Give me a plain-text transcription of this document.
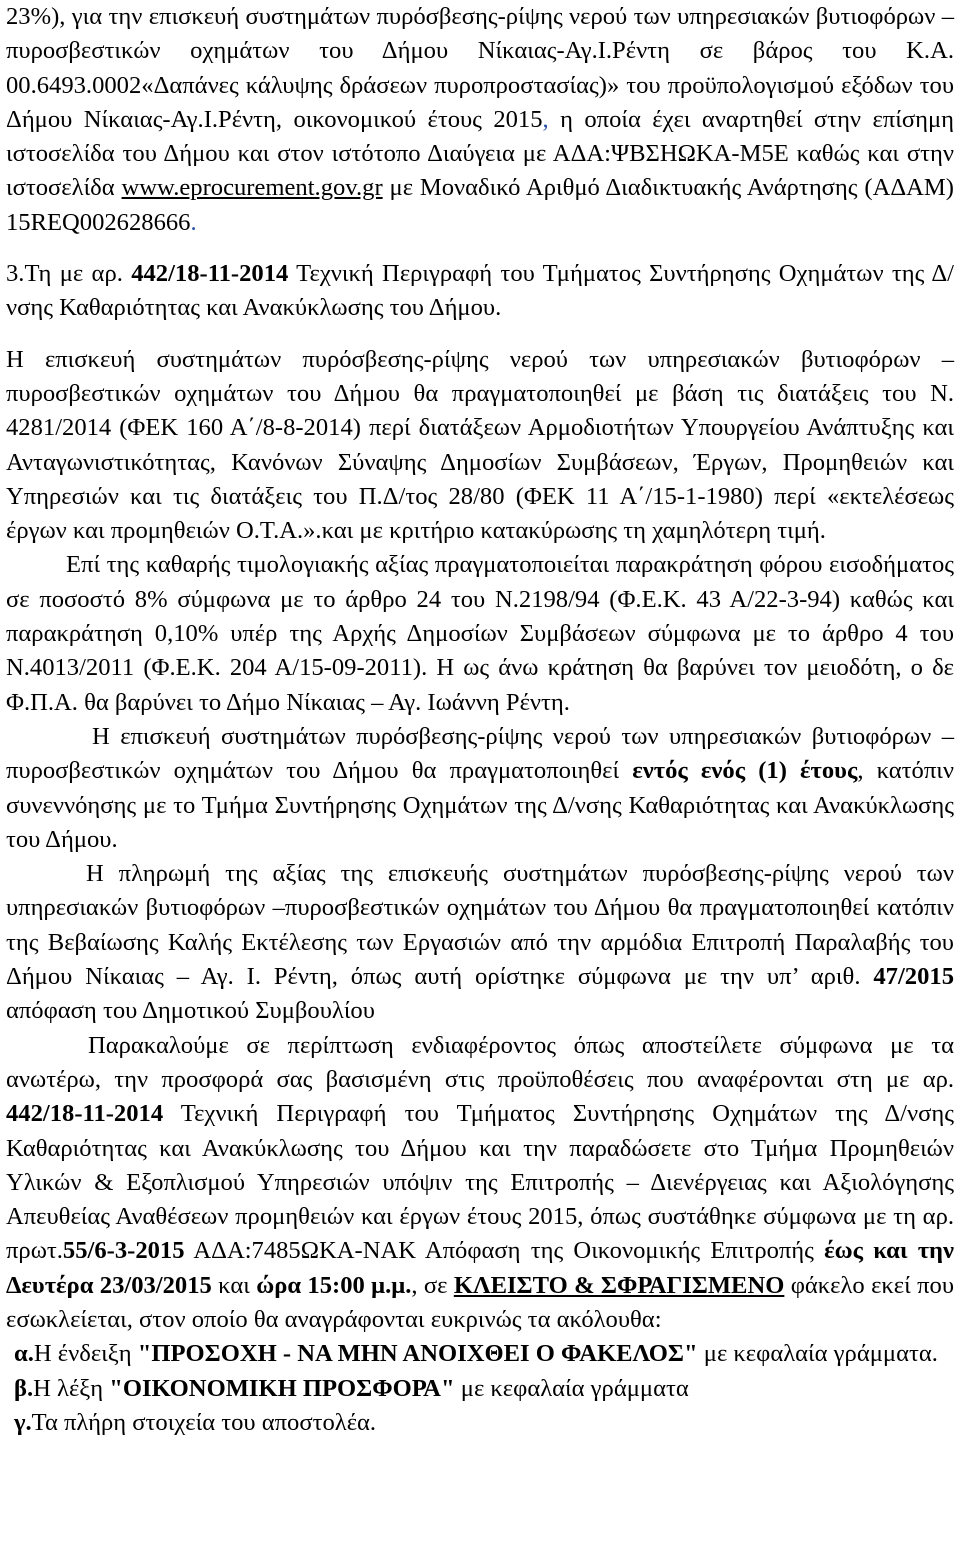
23%), για την επισκευή συστημάτων πυρόσβεσης-ρίψης νερού των υπηρεσιακών βυτιοφόρων –πυροσβεστικών οχημάτων του Δήμου Νίκαιας-Αγ.Ι.Ρέντη σε βάρος του Κ.Α. 00.6493.0002«Δαπάνες κάλυψης δράσεων πυροπροστασίας)» του προϋπολογισμού εξόδων του Δήμου Νίκαιας-Αγ.Ι.Ρέντη, οικονομικού έτους 2015, η οποία έχει αναρτηθεί στην επίσημη ιστοσελίδα του Δήμου και στον ιστότοπο Διαύγεια με ΑΔΑ:ΨΒΣΗΩΚΑ-Μ5Ε καθώς και στην ιστοσελίδα www.eprocurement.gov.gr με Μοναδικό Αριθμό Διαδικτυακής Ανάρτησης (ΑΔΑΜ) 15REQ002628666.

3.Τη με αρ. 442/18-11-2014 Τεχνική Περιγραφή του Τμήματος Συντήρησης Οχημάτων της Δ/νσης Καθαριότητας και Ανακύκλωσης του Δήμου.

Η επισκευή συστημάτων πυρόσβεσης-ρίψης νερού των υπηρεσιακών βυτιοφόρων – πυροσβεστικών οχημάτων του Δήμου θα πραγματοποιηθεί με βάση τις διατάξεις του Ν. 4281/2014 (ΦΕΚ 160 Α΄/8-8-2014) περί διατάξεων Αρμοδιοτήτων Υπουργείου Ανάπτυξης και Ανταγωνιστικότητας, Κανόνων Σύναψης Δημοσίων Συμβάσεων, Έργων, Προμηθειών και Υπηρεσιών και τις διατάξεις του Π.Δ/τος 28/80 (ΦΕΚ 11 Α΄/15-1-1980) περί «εκτελέσεως έργων και προμηθειών Ο.Τ.Α.».και με κριτήριο κατακύρωσης τη χαμηλότερη τιμή.

Επί της καθαρής τιμολογιακής αξίας πραγματοποιείται παρακράτηση φόρου εισοδήματος σε ποσοστό 8% σύμφωνα με το άρθρο 24 του Ν.2198/94 (Φ.Ε.Κ. 43 Α/22-3-94) καθώς και παρακράτηση 0,10% υπέρ της Αρχής Δημοσίων Συμβάσεων σύμφωνα με το άρθρο 4 του Ν.4013/2011 (Φ.Ε.Κ. 204 Α/15-09-2011). Η ως άνω κράτηση θα βαρύνει τον μειοδότη, ο δε Φ.Π.Α. θα βαρύνει το Δήμο Νίκαιας – Αγ. Ιωάννη Ρέντη.

Η επισκευή συστημάτων πυρόσβεσης-ρίψης νερού των υπηρεσιακών βυτιοφόρων –πυροσβεστικών οχημάτων του Δήμου θα πραγματοποιηθεί εντός ενός (1) έτους, κατόπιν συνεννόησης με το Τμήμα Συντήρησης Οχημάτων της Δ/νσης Καθαριότητας και Ανακύκλωσης του Δήμου.

Η πληρωμή της αξίας της επισκευής συστημάτων πυρόσβεσης-ρίψης νερού των υπηρεσιακών βυτιοφόρων –πυροσβεστικών οχημάτων του Δήμου θα πραγματοποιηθεί κατόπιν της Βεβαίωσης Καλής Εκτέλεσης των Εργασιών από την αρμόδια Επιτροπή Παραλαβής του Δήμου Νίκαιας – Αγ. Ι. Ρέντη, όπως αυτή ορίστηκε σύμφωνα με την υπ’ αριθ. 47/2015 απόφαση του Δημοτικού Συμβουλίου

Παρακαλούμε σε περίπτωση ενδιαφέροντος όπως αποστείλετε σύμφωνα με τα ανωτέρω, την προσφορά σας βασισμένη στις προϋποθέσεις που αναφέρονται στη με αρ. 442/18-11-2014 Τεχνική Περιγραφή του Τμήματος Συντήρησης Οχημάτων της Δ/νσης Καθαριότητας και Ανακύκλωσης του Δήμου και την παραδώσετε στο Τμήμα Προμηθειών Υλικών & Εξοπλισμού Υπηρεσιών υπόψιν της Επιτροπής – Διενέργειας και Αξιολόγησης Απευθείας Αναθέσεων προμηθειών και έργων έτους 2015, όπως συστάθηκε σύμφωνα με τη αρ. πρωτ.55/6-3-2015 ΑΔΑ:7485ΩΚΑ-ΝΑΚ Απόφαση της Οικονομικής Επιτροπής έως και την Δευτέρα 23/03/2015 και ώρα 15:00 μ.μ., σε ΚΛΕΙΣΤΟ & ΣΦΡΑΓΙΣΜΕΝΟ φάκελο εκεί που εσωκλείεται, στον οποίο θα αναγράφονται ευκρινώς τα ακόλουθα:

α.Η ένδειξη "ΠΡΟΣΟΧΗ - ΝΑ ΜΗΝ ΑΝΟΙΧΘΕΙ Ο ΦΑΚΕΛΟΣ" με κεφαλαία γράμματα.

β.Η λέξη "ΟΙΚΟΝΟΜΙΚΗ ΠΡΟΣΦΟΡΑ" με κεφαλαία γράμματα

γ.Τα πλήρη στοιχεία του αποστολέα.
